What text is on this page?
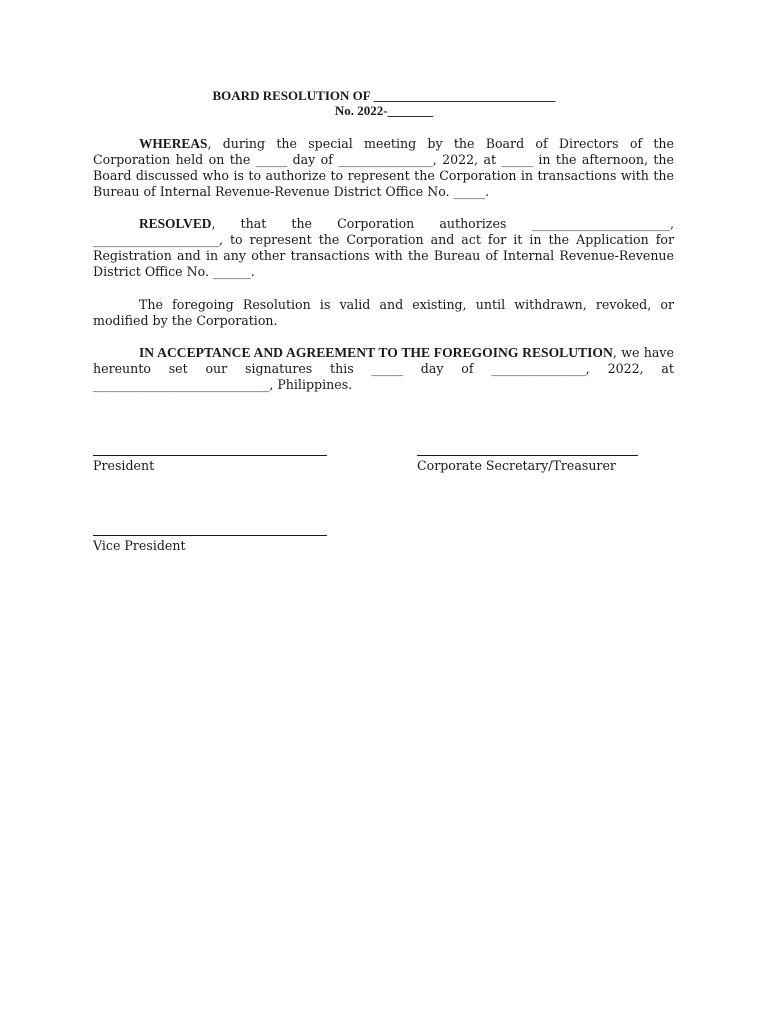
BOARD RESOLUTION OF ____________________________

No. 2022-_______

WHEREAS, during the special meeting by the Board of Directors of the Corporation held on the _____ day of _______________, 2022, at _____ in the afternoon, the Board discussed who is to authorize to represent the Corporation in transactions with the Bureau of Internal Revenue-Revenue District Office No. _____.

RESOLVED, that the Corporation authorizes ______________________, ____________________, to represent the Corporation and act for it in the Application for Registration and in any other transactions with the Bureau of Internal Revenue-Revenue District Office No. ______.

The foregoing Resolution is valid and existing, until withdrawn, revoked, or modified by the Corporation.

IN ACCEPTANCE AND AGREEMENT TO THE FOREGOING RESOLUTION, we have hereunto set our signatures this _____ day of _______________, 2022, at ____________________________, Philippines.

President	Corporate Secretary/Treasurer

Vice President
